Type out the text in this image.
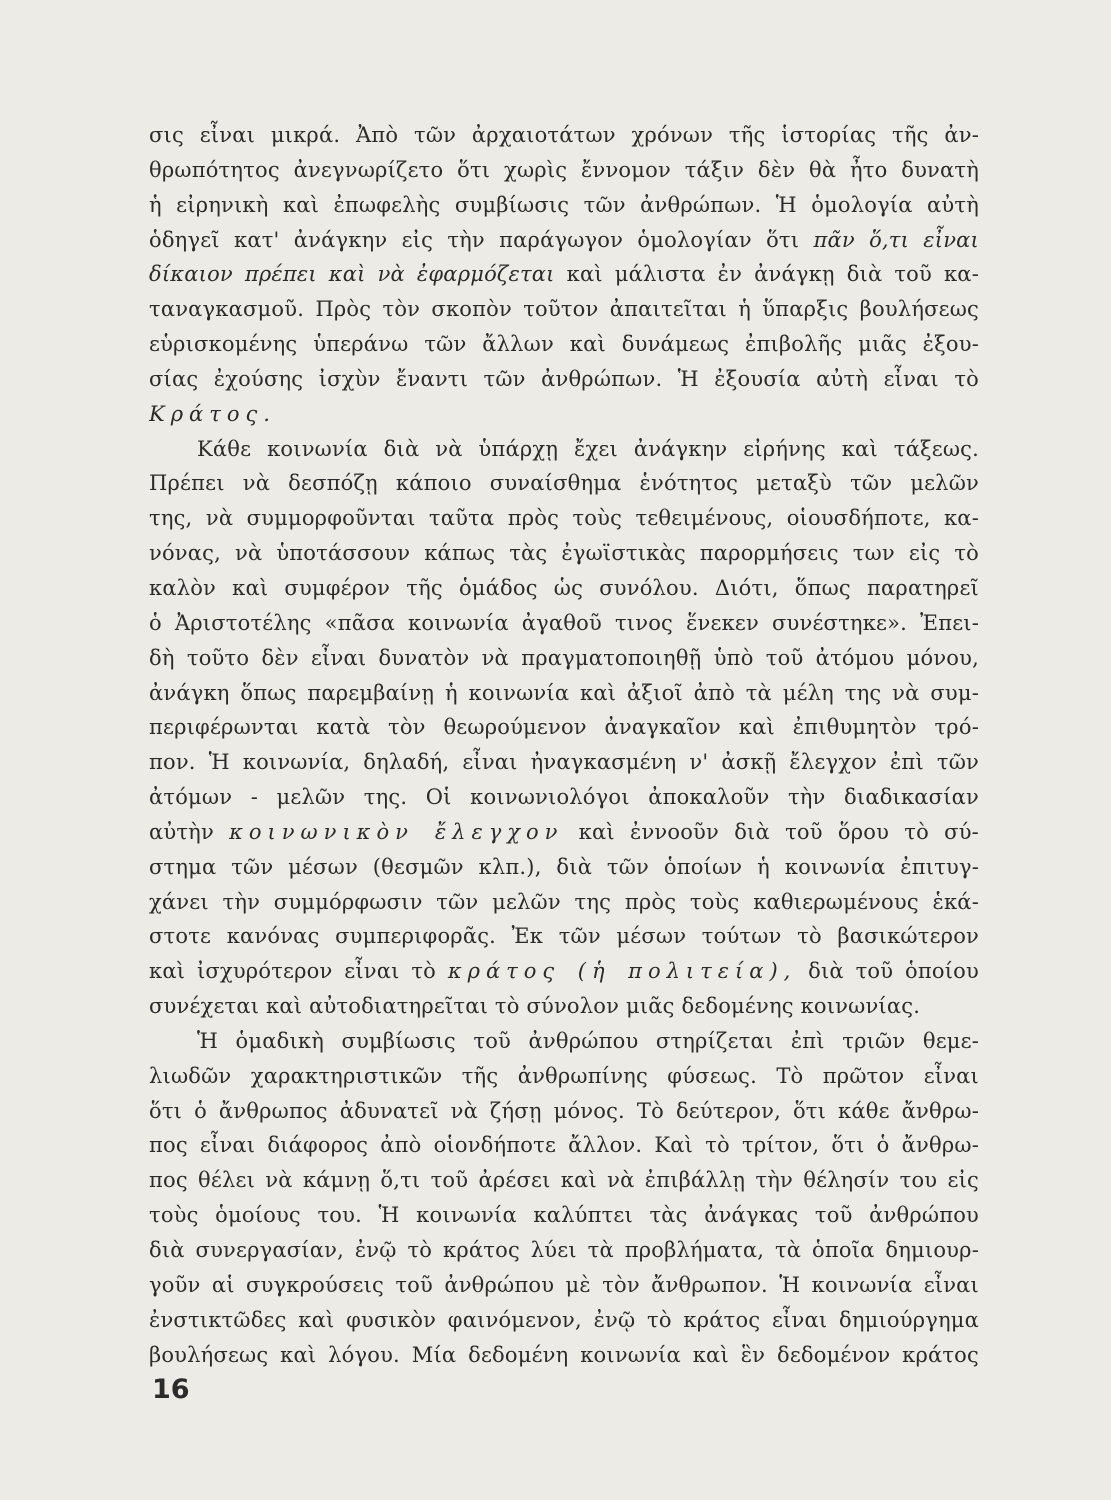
σις εἶναι μικρά. Ἀπὸ τῶν ἀρχαιοτάτων χρόνων τῆς ἱστορίας τῆς ἀν-
θρωπότητος ἀνεγνωρίζετο ὅτι χωρὶς ἔννομον τάξιν δὲν θὰ ἦτο δυνατὴ
ἡ εἰρηνικὴ καὶ ἐπωφελὴς συμβίωσις τῶν ἀνθρώπων. Ἡ ὁμολογία αὐτὴ
ὁδηγεῖ κατ' ἀνάγκην εἰς τὴν παράγωγον ὁμολογίαν ὅτι πᾶν ὅ,τι εἶναι
δίκαιον πρέπει καὶ νὰ ἐφαρμόζεται καὶ μάλιστα ἐν ἀνάγκῃ διὰ τοῦ κα-
ταναγκασμοῦ. Πρὸς τὸν σκοπὸν τοῦτον ἀπαιτεῖται ἡ ὕπαρξις βουλήσεως
εὑρισκομένης ὑπεράνω τῶν ἄλλων καὶ δυνάμεως ἐπιβολῆς μιᾶς ἐξου-
σίας ἐχούσης ἰσχὺν ἔναντι τῶν ἀνθρώπων. Ἡ ἐξουσία αὐτὴ εἶναι τὸ
Κράτος.
Κάθε κοινωνία διὰ νὰ ὑπάρχῃ ἔχει ἀνάγκην εἰρήνης καὶ τάξεως.
Πρέπει νὰ δεσπόζῃ κάποιο συναίσθημα ἑνότητος μεταξὺ τῶν μελῶν
της, νὰ συμμορφοῦνται ταῦτα πρὸς τοὺς τεθειμένους, οἱουσδήποτε, κα-
νόνας, νὰ ὑποτάσσουν κάπως τὰς ἐγωϊστικὰς παρορμήσεις των εἰς τὸ
καλὸν καὶ συμφέρον τῆς ὁμάδος ὡς συνόλου. Διότι, ὅπως παρατηρεῖ
ὁ Ἀριστοτέλης «πᾶσα κοινωνία ἀγαθοῦ τινος ἕνεκεν συνέστηκε». Ἐπει-
δὴ τοῦτο δὲν εἶναι δυνατὸν νὰ πραγματοποιηθῇ ὑπὸ τοῦ ἀτόμου μόνου,
ἀνάγκη ὅπως παρεμβαίνῃ ἡ κοινωνία καὶ ἀξιοῖ ἀπὸ τὰ μέλη της νὰ συμ-
περιφέρωνται κατὰ τὸν θεωρούμενον ἀναγκαῖον καὶ ἐπιθυμητὸν τρό-
πον. Ἡ κοινωνία, δηλαδή, εἶναι ἠναγκασμένη ν' ἀσκῇ ἔλεγχον ἐπὶ τῶν
ἀτόμων - μελῶν της. Οἱ κοινωνιολόγοι ἀποκαλοῦν τὴν διαδικασίαν
αὐτὴν κοινωνικὸν ἔλεγχον καὶ ἐννοοῦν διὰ τοῦ ὅρου τὸ σύ-
στημα τῶν μέσων (θεσμῶν κλπ.), διὰ τῶν ὁποίων ἡ κοινωνία ἐπιτυγ-
χάνει τὴν συμμόρφωσιν τῶν μελῶν της πρὸς τοὺς καθιερωμένους ἑκά-
στοτε κανόνας συμπεριφορᾶς. Ἐκ τῶν μέσων τούτων τὸ βασικώτερον
καὶ ἰσχυρότερον εἶναι τὸ κράτος (ἡ πολιτεία), διὰ τοῦ ὁποίου
συνέχεται καὶ αὐτοδιατηρεῖται τὸ σύνολον μιᾶς δεδομένης κοινωνίας.
Ἡ ὁμαδικὴ συμβίωσις τοῦ ἀνθρώπου στηρίζεται ἐπὶ τριῶν θεμε-
λιωδῶν χαρακτηριστικῶν τῆς ἀνθρωπίνης φύσεως. Τὸ πρῶτον εἶναι
ὅτι ὁ ἄνθρωπος ἀδυνατεῖ νὰ ζήσῃ μόνος. Τὸ δεύτερον, ὅτι κάθε ἄνθρω-
πος εἶναι διάφορος ἀπὸ οἱονδήποτε ἄλλον. Καὶ τὸ τρίτον, ὅτι ὁ ἄνθρω-
πος θέλει νὰ κάμνῃ ὅ,τι τοῦ ἀρέσει καὶ νὰ ἐπιβάλλῃ τὴν θέλησίν του εἰς
τοὺς ὁμοίους του. Ἡ κοινωνία καλύπτει τὰς ἀνάγκας τοῦ ἀνθρώπου
διὰ συνεργασίαν, ἐνῷ τὸ κράτος λύει τὰ προβλήματα, τὰ ὁποῖα δημιουρ-
γοῦν αἱ συγκρούσεις τοῦ ἀνθρώπου μὲ τὸν ἄνθρωπον. Ἡ κοινωνία εἶναι
ἐνστικτῶδες καὶ φυσικὸν φαινόμενον, ἐνῷ τὸ κράτος εἶναι δημιούργημα
βουλήσεως καὶ λόγου. Μία δεδομένη κοινωνία καὶ ἓν δεδομένον κράτος
16
